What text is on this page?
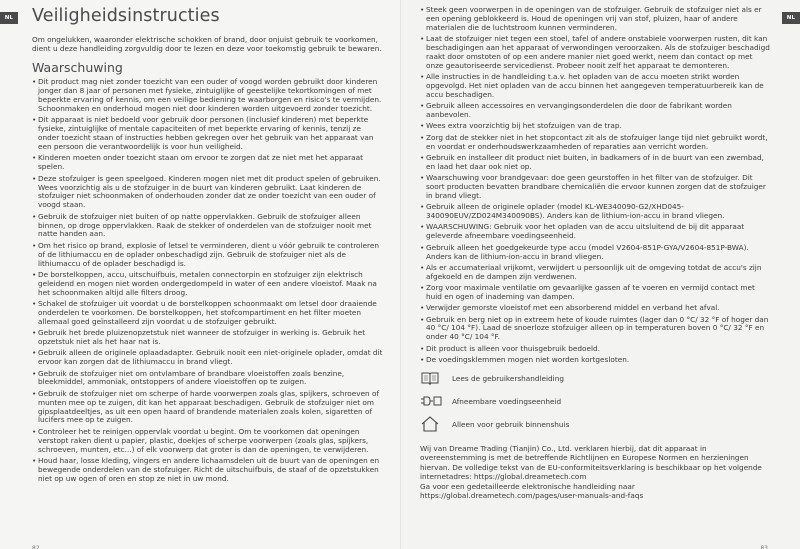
NL Veiligheidsinstructies

Om ongelukken, waaronder elektrische schokken of brand, door onjuist gebruik te voorkomen, dient u deze handleiding zorgvuldig door te lezen en deze voor toekomstig gebruik te bewaren.

Waarschuwing
• Dit product mag niet zonder toezicht van een ouder of voogd worden gebruikt door kinderen jonger dan 8 jaar of personen met fysieke, zintuiglijke of geestelijke tekortkomingen of met beperkte ervaring of kennis, om een veilige bediening te waarborgen en risico's te vermijden. Schoonmaken en onderhoud mogen niet door kinderen worden uitgevoerd zonder toezicht.
• Dit apparaat is niet bedoeld voor gebruik door personen (inclusief kinderen) met beperkte fysieke, zintuiglijke of mentale capaciteiten of met beperkte ervaring of kennis, tenzij ze onder toezicht staan of instructies hebben gekregen over het gebruik van het apparaat van een persoon die verantwoordelijk is voor hun veiligheid.
• Kinderen moeten onder toezicht staan om ervoor te zorgen dat ze niet met het apparaat spelen.
• Deze stofzuiger is geen speelgoed. Kinderen mogen niet met dit product spelen of gebruiken. Wees voorzichtig als u de stofzuiger in de buurt van kinderen gebruikt. Laat kinderen de stofzuiger niet schoonmaken of onderhouden zonder dat ze onder toezicht van een ouder of voogd staan.
• Gebruik de stofzuiger niet buiten of op natte oppervlakken. Gebruik de stofzuiger alleen binnen, op droge oppervlakken. Raak de stekker of onderdelen van de stofzuiger nooit met natte handen aan.
• Om het risico op brand, explosie of letsel te verminderen, dient u vóór gebruik te controleren of de lithiumaccu en de oplader onbeschadigd zijn. Gebruik de stofzuiger niet als de lithiumaccu of de oplader beschadigd is.
• De borstelkoppen, accu, uitschuifbuis, metalen connectorpin en stofzuiger zijn elektrisch geleidend en mogen niet worden ondergedompeld in water of een andere vloeistof. Maak na het schoonmaken altijd alle filters droog.
• Schakel de stofzuiger uit voordat u de borstelkoppen schoonmaakt om letsel door draaiende onderdelen te voorkomen. De borstelkoppen, het stofcompartiment en het filter moeten allemaal goed geïnstalleerd zijn voordat u de stofzuiger gebruikt.
• Gebruik het brede pluizenopzetstuk niet wanneer de stofzuiger in werking is. Gebruik het opzetstuk niet als het haar nat is.
• Gebruik alleen de originele oplaadadapter. Gebruik nooit een niet-originele oplader, omdat dit ervoor kan zorgen dat de lithiumaccu in brand vliegt.
• Gebruik de stofzuiger niet om ontvlambare of brandbare vloeistoffen zoals benzine, bleekmiddel, ammoniak, ontstoppers of andere vloeistoffen op te zuigen.
• Gebruik de stofzuiger niet om scherpe of harde voorwerpen zoals glas, spijkers, schroeven of munten mee op te zuigen, dit kan het apparaat beschadigen. Gebruik de stofzuiger niet om gipsplaatdeeltjes, as uit een open haard of brandende materialen zoals kolen, sigaretten of lucifers mee op te zuigen.
• Controleer het te reinigen oppervlak voordat u begint. Om te voorkomen dat openingen verstopt raken dient u papier, plastic, doekjes of scherpe voorwerpen (zoals glas, spijkers, schroeven, munten, etc...) of elk voorwerp dat groter is dan de openingen, te verwijderen.
• Houd haar, losse kleding, vingers en andere lichaamsdelen uit de buurt van de openingen en bewegende onderdelen van de stofzuiger. Richt de uitschuifbuis, de staaf of de opzetstukken niet op uw ogen of oren en stop ze niet in uw mond.
82
NL
• Steek geen voorwerpen in de openingen van de stofzuiger. Gebruik de stofzuiger niet als er een opening geblokkeerd is. Houd de openingen vrij van stof, pluizen, haar of andere materialen die de luchtstroom kunnen verminderen.
• Laat de stofzuiger niet tegen een stoel, tafel of andere onstabiele voorwerpen rusten, dit kan beschadigingen aan het apparaat of verwondingen veroorzaken. Als de stofzuiger beschadigd raakt door omstoten of op een andere manier niet goed werkt, neem dan contact op met onze geautoriseerde servicedienst. Probeer nooit zelf het apparaat te demonteren.
• Alle instructies in de handleiding t.a.v. het opladen van de accu moeten strikt worden opgevolgd. Het niet opladen van de accu binnen het aangegeven temperatuurbereik kan de accu beschadigen.
• Gebruik alleen accessoires en vervangingsonderdelen die door de fabrikant worden aanbevolen.
• Wees extra voorzichtig bij het stofzuigen van de trap.
• Zorg dat de stekker niet in het stopcontact zit als de stofzuiger lange tijd niet gebruikt wordt, en voordat er onderhoudswerkzaamheden of reparaties aan verricht worden.
• Gebruik en installeer dit product niet buiten, in badkamers of in de buurt van een zwembad, en laad het daar ook niet op.
• Waarschuwing voor brandgevaar: doe geen geurstoffen in het filter van de stofzuiger. Dit soort producten bevatten brandbare chemicaliën die ervoor kunnen zorgen dat de stofzuiger in brand vliegt.
• Gebruik alleen de originele oplader (model KL-WE340090-G2/XHD045-340090EUV/ZD024M340090BS). Anders kan de lithium-ion-accu in brand vliegen.
• WAARSCHUWING: Gebruik voor het opladen van de accu uitsluitend de bij dit apparaat geleverde afneembare voedingseenheid.
• Gebruik alleen het goedgekeurde type accu (model V2604-851P-GYA/V2604-851P-BWA). Anders kan de lithium-ion-accu in brand vliegen.
• Als er accumateriaal vrijkomt, verwijdert u persoonlijk uit de omgeving totdat de accu's zijn afgekoeld en de dampen zijn verdwenen.
• Zorg voor maximale ventilatie om gevaarlijke gassen af te voeren en vermijd contact met huid en ogen of inademing van dampen.
• Verwijder gemorste vloeistof met een absorberend middel en verband het afval.
• Gebruik en berg niet op in extreem hete of koude ruimtes (lager dan 0 °C/ 32 °F of hoger dan 40 °C/ 104 °F). Laad de snoerloze stofzuiger alleen op in temperaturen boven 0 °C/ 32 °F en onder 40 °C/ 104 °F.
• Dit product is alleen voor thuisgebruik bedoeld.
• De voedingsklemmen mogen niet worden kortgesloten.
Lees de gebruikershandleiding
Afneembare voedingseenheid
Alleen voor gebruik binnenshuis
Wij van Dreame Trading (Tianjin) Co., Ltd. verklaren hierbij, dat dit apparaat in overeenstemming is met de betreffende Richtlijnen en Europese Normen en herzieningen hiervan. De volledige tekst van de EU-conformiteitsverklaring is beschikbaar op het volgende internetadres: https://global.dreametech.com
Ga voor een gedetailleerde elektronische handleiding naar https://global.dreametech.com/pages/user-manuals-and-faqs
83
